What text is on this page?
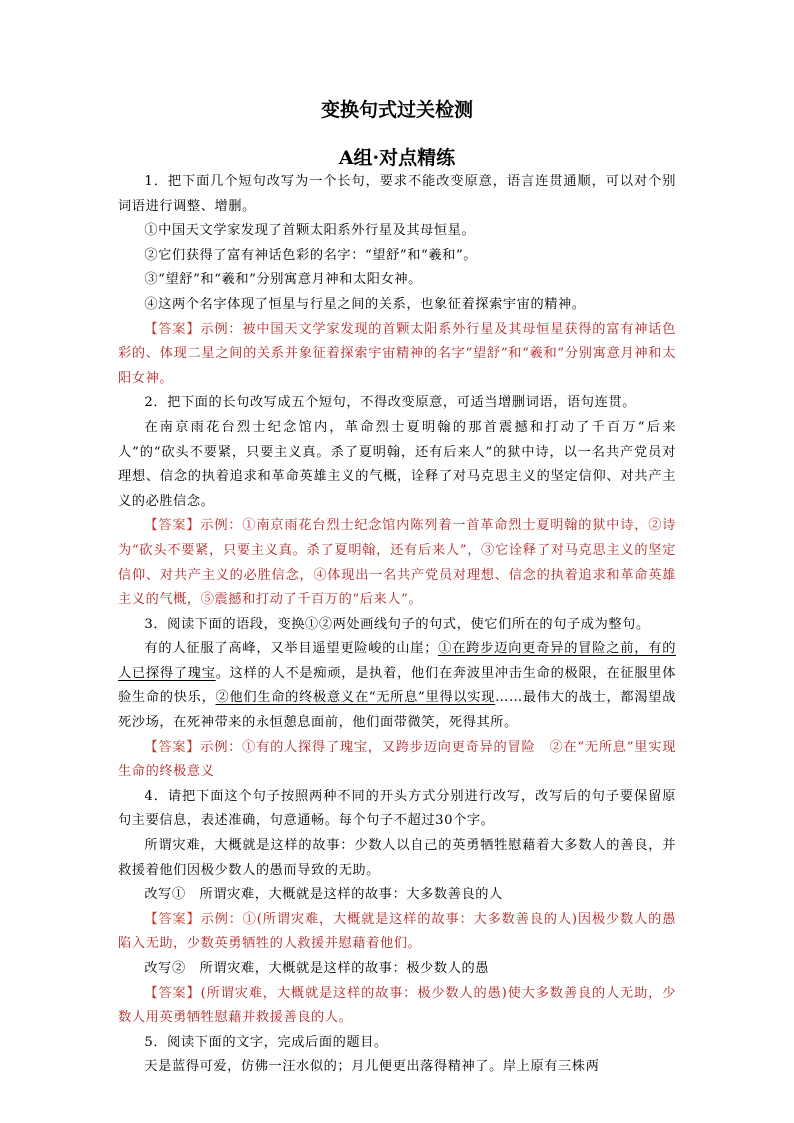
变换句式过关检测
A组·对点精练

1．把下面几个短句改写为一个长句，要求不能改变原意，语言连贯通顺，可以对个别词语进行调整、增删。

①中国天文学家发现了首颗太阳系外行星及其母恒星。

②它们获得了富有神话色彩的名字：“望舒”和“羲和”。

③“望舒”和“羲和”分别寓意月神和太阳女神。

④这两个名字体现了恒星与行星之间的关系，也象征着探索宇宙的精神。

【答案】示例：被中国天文学家发现的首颗太阳系外行星及其母恒星获得的富有神话色彩的、体现二星之间的关系并象征着探索宇宙精神的名字“望舒”和“羲和”分别寓意月神和太阳女神。

2．把下面的长句改写成五个短句，不得改变原意，可适当增删词语，语句连贯。

在南京雨花台烈士纪念馆内，革命烈士夏明翰的那首震撼和打动了千百万“后来人”的“砍头不要紧，只要主义真。杀了夏明翰，还有后来人”的狱中诗，以一名共产党员对理想、信念的执着追求和革命英雄主义的气概，诠释了对马克思主义的坚定信仰、对共产主义的必胜信念。

【答案】示例：①南京雨花台烈士纪念馆内陈列着一首革命烈士夏明翰的狱中诗，②诗为“砍头不要紧，只要主义真。杀了夏明翰，还有后来人”，③它诠释了对马克思主义的坚定信仰、对共产主义的必胜信念，④体现出一名共产党员对理想、信念的执着追求和革命英雄主义的气概，⑤震撼和打动了千百万的“后来人”。

3．阅读下面的语段，变换①②两处画线句子的句式，使它们所在的句子成为整句。

有的人征服了高峰，又举目遥望更险峻的山崖；①在跨步迈向更奇异的冒险之前，有的人已探得了瑰宝。这样的人不是痴顽，是执着，他们在奔波里冲击生命的极限，在征服里体验生命的快乐，②他们生命的终极意义在“无所息”里得以实现……最伟大的战士，都渴望战死沙场，在死神带来的永恒憩息面前，他们面带微笑，死得其所。

【答案】示例：①有的人探得了瑰宝，又跨步迈向更奇异的冒险　②在“无所息”里实现生命的终极意义

4．请把下面这个句子按照两种不同的开头方式分别进行改写，改写后的句子要保留原句主要信息，表述准确，句意通畅。每个句子不超过30个字。

所谓灾难，大概就是这样的故事：少数人以自己的英勇牺牲慰藉着大多数人的善良，并救援着他们因极少数人的愚而导致的无助。

改写①　所谓灾难，大概就是这样的故事：大多数善良的人

【答案】示例：①(所谓灾难，大概就是这样的故事：大多数善良的人)因极少数人的愚陷入无助，少数英勇牺牲的人救援并慰藉着他们。

改写②　所谓灾难，大概就是这样的故事：极少数人的愚

【答案】(所谓灾难，大概就是这样的故事：极少数人的愚)使大多数善良的人无助，少数人用英勇牺牲慰藉并救援善良的人。

5．阅读下面的文字，完成后面的题目。

天是蓝得可爱，仿佛一汪水似的；月儿便更出落得精神了。岸上原有三株两
